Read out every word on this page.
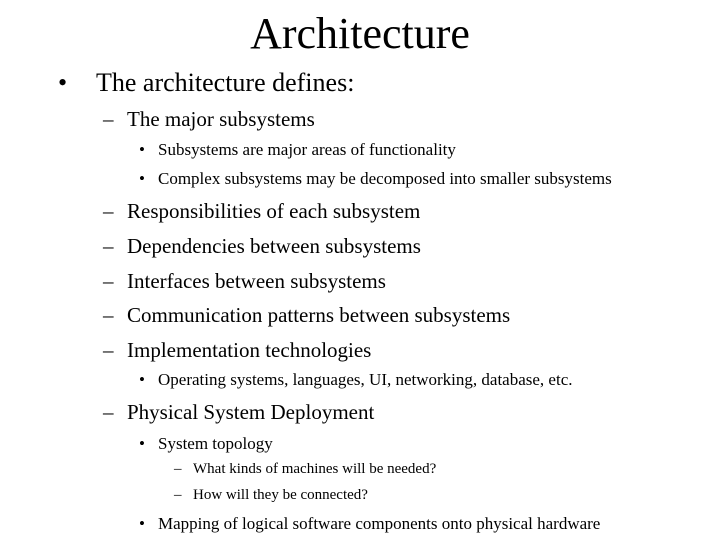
Architecture
• The architecture defines:
– The major subsystems
• Subsystems are major areas of functionality
• Complex subsystems may be decomposed into smaller subsystems
– Responsibilities of each subsystem
– Dependencies between subsystems
– Interfaces between subsystems
– Communication patterns between subsystems
– Implementation technologies
• Operating systems, languages, UI, networking, database, etc.
– Physical System Deployment
• System topology
– What kinds of machines will be needed?
– How will they be connected?
• Mapping of logical software components onto physical hardware
